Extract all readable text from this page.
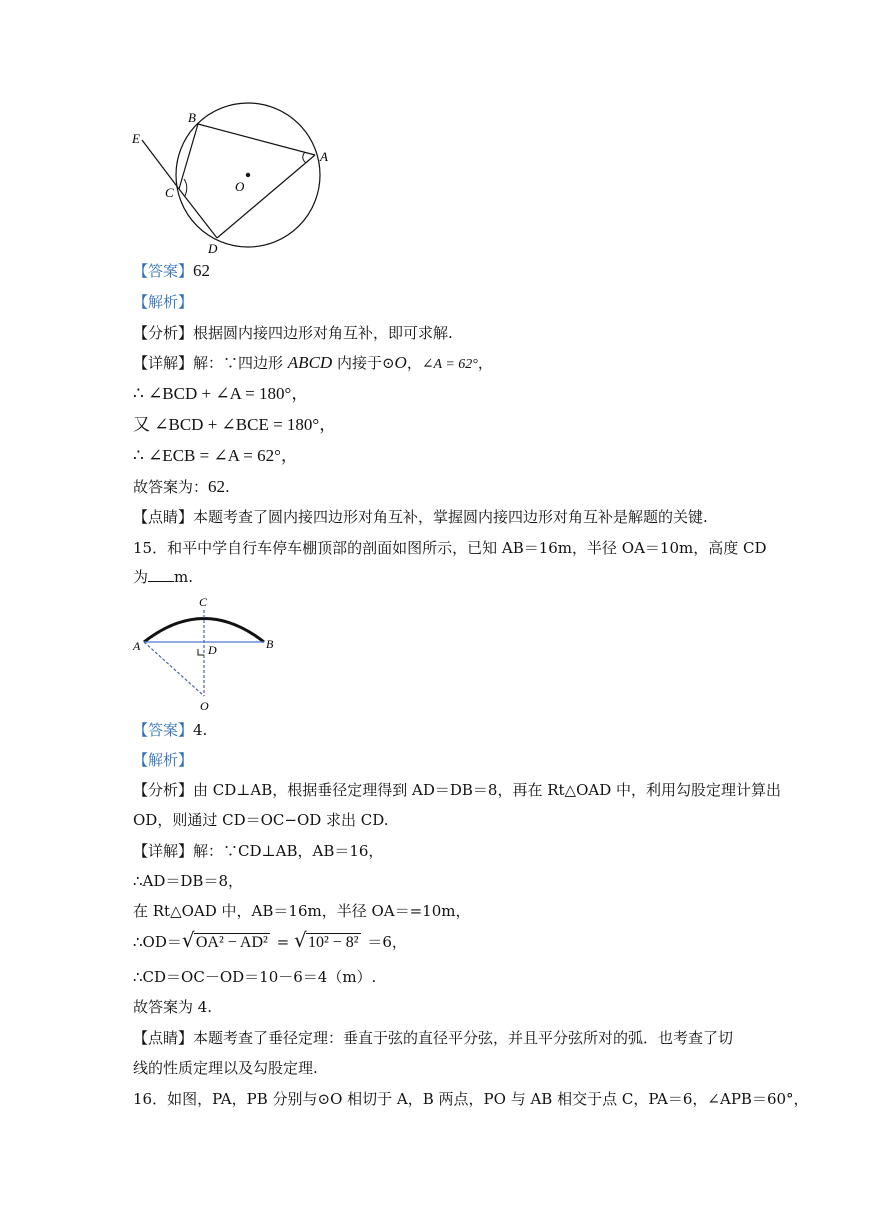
B
E
A
O
C
D
【答案】62
【解析】
【分析】根据圆内接四边形对角互补，即可求解.
【详解】解：∵四边形 ABCD 内接于⊙O，∠A = 62°，
∴ ∠BCD + ∠A = 180°，
又 ∠BCD + ∠BCE = 180°，
∴ ∠ECB = ∠A = 62°，
故答案为：62.
【点睛】本题考查了圆内接四边形对角互补，掌握圆内接四边形对角互补是解题的关键.
15．和平中学自行车停车棚顶部的剖面如图所示，已知 AB＝16m，半径 OA＝10m，高度 CD
为 m.
C
A	D	B
O
【答案】4.
【解析】
【分析】由 CD⊥AB，根据垂径定理得到 AD＝DB＝8，再在 Rt△OAD 中，利用勾股定理计算出
OD，则通过 CD＝OC−OD 求出 CD.
【详解】解：∵CD⊥AB，AB＝16，
∴AD＝DB＝8，
在 Rt△OAD 中，AB＝16m，半径 OA＝=10m，
∴OD＝ √ OA² − AD² = √ 10² − 8² ＝6，
∴CD＝OC－OD＝10－6＝4（m）.
故答案为 4.
【点睛】本题考查了垂径定理：垂直于弦的直径平分弦，并且平分弦所对的弧．也考查了切
线的性质定理以及勾股定理.
16．如图，PA，PB 分别与⊙O 相切于 A，B 两点，PO 与 AB 相交于点 C，PA＝6，∠APB＝60°，
